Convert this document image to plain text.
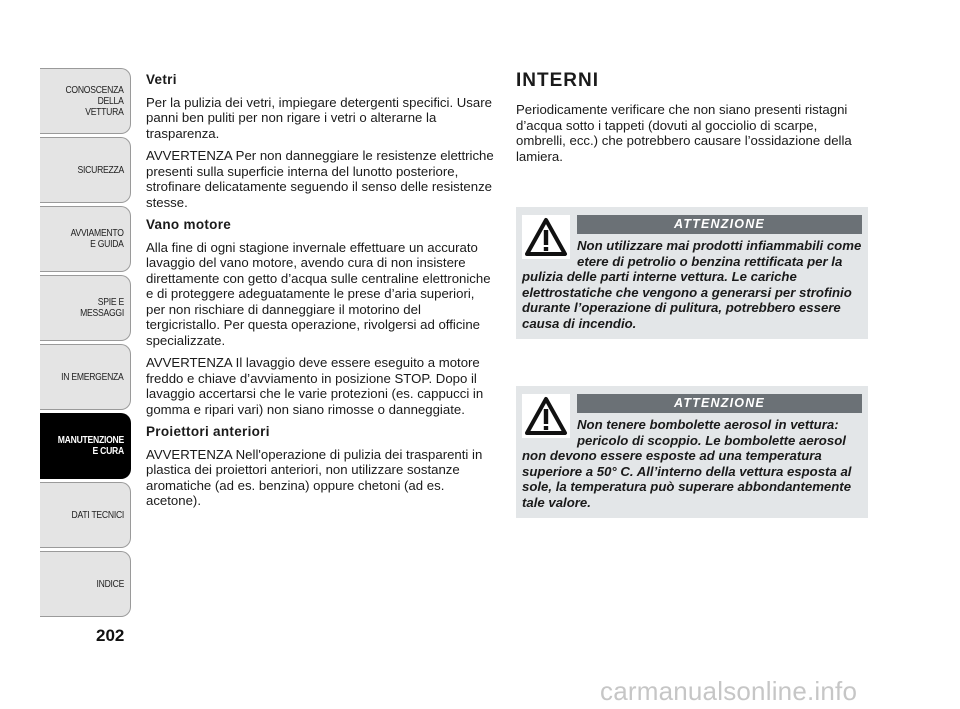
CONOSCENZA
DELLA
VETTURA
SICUREZZA
AVVIAMENTO
E GUIDA
SPIE E
MESSAGGI
IN EMERGENZA
MANUTENZIONE
E CURA
DATI TECNICI
INDICE
202
Vetri

Per la pulizia dei vetri, impiegare detergenti specifici. Usare panni ben puliti per non rigare i vetri o alterarne la trasparenza.

AVVERTENZA Per non danneggiare le resistenze elettriche presenti sulla superficie interna del lunotto posteriore, strofinare delicatamente seguendo il senso delle resistenze stesse.

Vano motore

Alla fine di ogni stagione invernale effettuare un accurato lavaggio del vano motore, avendo cura di non insistere direttamente con getto d’acqua sulle centraline elettroniche e di proteggere adeguatamente le prese d’aria superiori, per non rischiare di danneggiare il motorino del tergicristallo. Per questa operazione, rivolgersi ad officine specializzate.

AVVERTENZA Il lavaggio deve essere eseguito a motore freddo e chiave d’avviamento in posizione STOP. Dopo il lavaggio accertarsi che le varie protezioni (es. cappucci in gomma e ripari vari) non siano rimosse o danneggiate.

Proiettori anteriori

AVVERTENZA Nell'operazione di pulizia dei trasparenti in plastica dei proiettori anteriori, non utilizzare sostanze aromatiche (ad es. benzina) oppure chetoni (ad es. acetone).

INTERNI

Periodicamente verificare che non siano presenti ristagni d’acqua sotto i tappeti (dovuti al gocciolio di scarpe, ombrelli, ecc.) che potrebbero causare l’ossidazione della lamiera.

ATTENZIONE

Non utilizzare mai prodotti infiammabili come etere di petrolio o benzina rettificata per la pulizia delle parti interne vettura. Le cariche elettrostatiche che vengono a generarsi per strofinio durante l’operazione di pulitura, potrebbero essere causa di incendio.

ATTENZIONE

Non tenere bombolette aerosol in vettura: pericolo di scoppio. Le bombolette aerosol non devono essere esposte ad una temperatura superiore a 50° C. All’interno della vettura esposta al sole, la temperatura può superare abbondantemente tale valore.

carmanualsonline.info
